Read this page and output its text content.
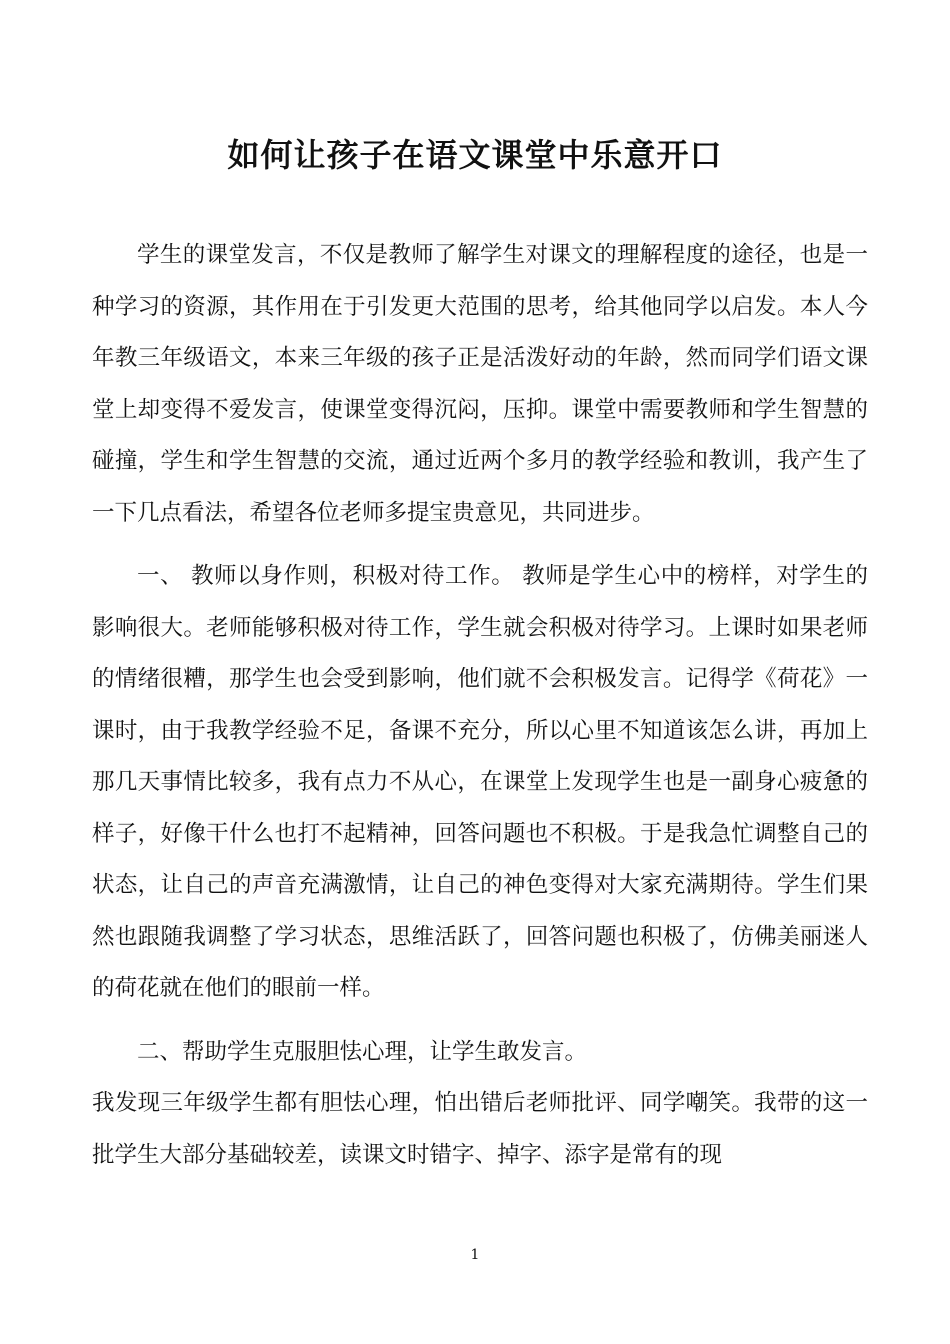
如何让孩子在语文课堂中乐意开口

学生的课堂发言，不仅是教师了解学生对课文的理解程度的途径，也是一种学习的资源，其作用在于引发更大范围的思考，给其他同学以启发。本人今年教三年级语文，本来三年级的孩子正是活泼好动的年龄，然而同学们语文课堂上却变得不爱发言，使课堂变得沉闷，压抑。课堂中需要教师和学生智慧的碰撞，学生和学生智慧的交流，通过近两个多月的教学经验和教训，我产生了一下几点看法，希望各位老师多提宝贵意见，共同进步。

一、 教师以身作则，积极对待工作。 教师是学生心中的榜样，对学生的影响很大。老师能够积极对待工作，学生就会积极对待学习。上课时如果老师的情绪很糟，那学生也会受到影响，他们就不会积极发言。记得学《荷花》一课时，由于我教学经验不足，备课不充分，所以心里不知道该怎么讲，再加上那几天事情比较多，我有点力不从心，在课堂上发现学生也是一副身心疲惫的样子，好像干什么也打不起精神，回答问题也不积极。于是我急忙调整自己的状态，让自己的声音充满激情，让自己的神色变得对大家充满期待。学生们果然也跟随我调整了学习状态，思维活跃了，回答问题也积极了，仿佛美丽迷人的荷花就在他们的眼前一样。

二、帮助学生克服胆怯心理，让学生敢发言。

我发现三年级学生都有胆怯心理，怕出错后老师批评、同学嘲笑。我带的这一批学生大部分基础较差，读课文时错字、掉字、添字是常有的现

1
